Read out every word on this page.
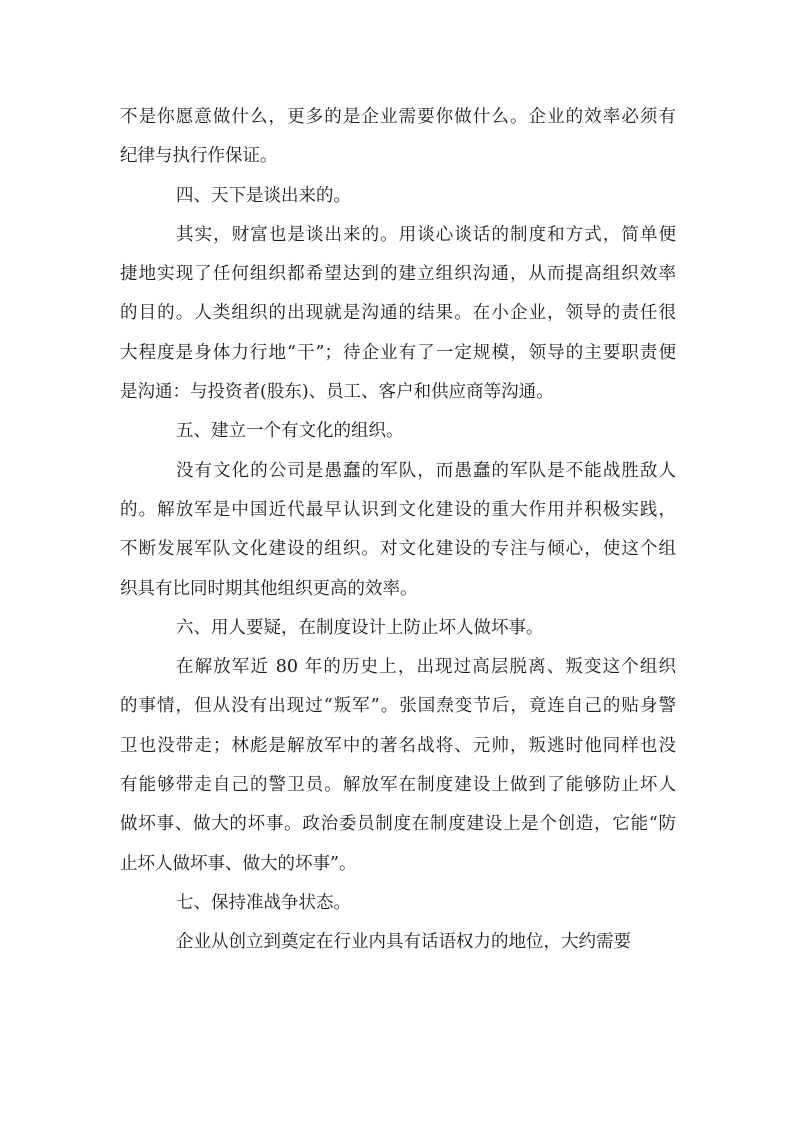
不是你愿意做什么，更多的是企业需要你做什么。企业的效率必须有
纪律与执行作保证。
四、天下是谈出来的。
其实，财富也是谈出来的。用谈心谈话的制度和方式，简单便
捷地实现了任何组织都希望达到的建立组织沟通，从而提高组织效率
的目的。人类组织的出现就是沟通的结果。在小企业，领导的责任很
大程度是身体力行地“干”；待企业有了一定规模，领导的主要职责便
是沟通：与投资者(股东)、员工、客户和供应商等沟通。
五、建立一个有文化的组织。
没有文化的公司是愚蠢的军队，而愚蠢的军队是不能战胜敌人
的。解放军是中国近代最早认识到文化建设的重大作用并积极实践，
不断发展军队文化建设的组织。对文化建设的专注与倾心，使这个组
织具有比同时期其他组织更高的效率。
六、用人要疑，在制度设计上防止坏人做坏事。
在解放军近 80 年的历史上，出现过高层脱离、叛变这个组织
的事情，但从没有出现过“叛军”。张国焘变节后，竟连自己的贴身警
卫也没带走；林彪是解放军中的著名战将、元帅，叛逃时他同样也没
有能够带走自己的警卫员。解放军在制度建设上做到了能够防止坏人
做坏事、做大的坏事。政治委员制度在制度建设上是个创造，它能“防
止坏人做坏事、做大的坏事”。
七、保持准战争状态。
企业从创立到奠定在行业内具有话语权力的地位，大约需要
